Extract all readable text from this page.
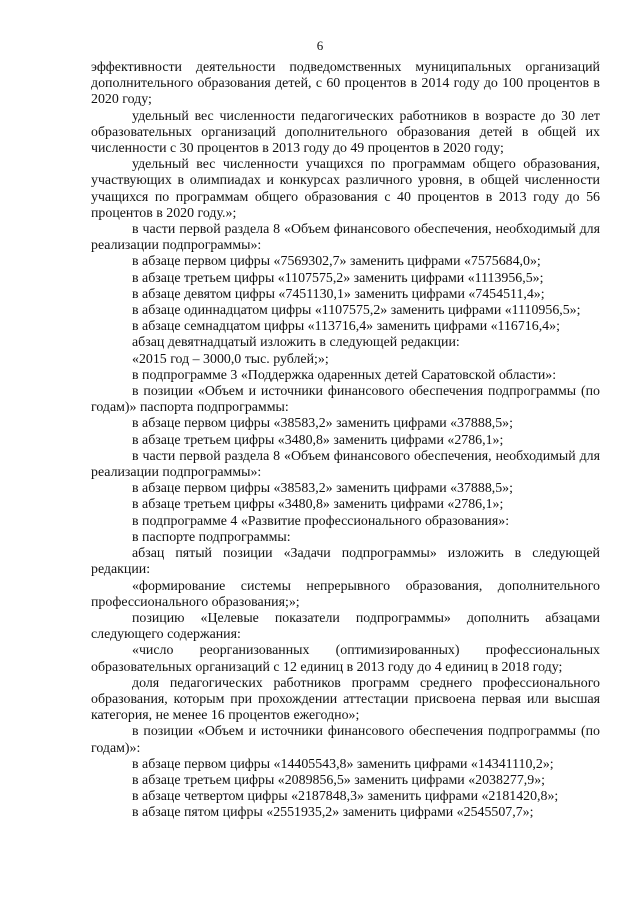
6

эффективности деятельности подведомственных муниципальных организаций дополнительного образования детей, с 60 процентов в 2014 году до 100 процентов в 2020 году;

удельный вес численности педагогических работников в возрасте до 30 лет образовательных организаций дополнительного образования детей в общей их численности с 30 процентов в 2013 году до 49 процентов в 2020 году;

удельный вес численности учащихся по программам общего образования, участвующих в олимпиадах и конкурсах различного уровня, в общей численности учащихся по программам общего образования с 40 процентов в 2013 году до 56 процентов в 2020 году.»;

в части первой раздела 8 «Объем финансового обеспечения, необходимый для реализации подпрограммы»:

в абзаце первом цифры «7569302,7» заменить цифрами «7575684,0»;

в абзаце третьем цифры «1107575,2» заменить цифрами «1113956,5»;

в абзаце девятом цифры «7451130,1» заменить цифрами «7454511,4»;

в абзаце одиннадцатом цифры «1107575,2» заменить цифрами «1110956,5»;

в абзаце семнадцатом цифры «113716,4» заменить цифрами «116716,4»;

абзац девятнадцатый изложить в следующей редакции:

«2015 год – 3000,0 тыс. рублей;»;

в подпрограмме 3 «Поддержка одаренных детей Саратовской области»:

в позиции «Объем и источники финансового обеспечения подпрограммы (по годам)» паспорта подпрограммы:

в абзаце первом цифры «38583,2» заменить цифрами «37888,5»;

в абзаце третьем цифры «3480,8» заменить цифрами «2786,1»;

в части первой раздела 8 «Объем финансового обеспечения, необходимый для реализации подпрограммы»:

в абзаце первом цифры «38583,2» заменить цифрами «37888,5»;

в абзаце третьем цифры «3480,8» заменить цифрами «2786,1»;

в подпрограмме 4 «Развитие профессионального образования»:

в паспорте подпрограммы:

абзац пятый позиции «Задачи подпрограммы» изложить в следующей редакции:

«формирование системы непрерывного образования, дополнительного профессионального образования;»;

позицию «Целевые показатели подпрограммы» дополнить абзацами следующего содержания:

«число реорганизованных (оптимизированных) профессиональных образовательных организаций с 12 единиц в 2013 году до 4 единиц в 2018 году;

доля педагогических работников программ среднего профессионального образования, которым при прохождении аттестации присвоена первая или высшая категория, не менее 16 процентов ежегодно»;

в позиции «Объем и источники финансового обеспечения подпрограммы (по годам)»:

в абзаце первом цифры «14405543,8» заменить цифрами «14341110,2»;

в абзаце третьем цифры «2089856,5» заменить цифрами «2038277,9»;

в абзаце четвертом цифры «2187848,3» заменить цифрами «2181420,8»;

в абзаце пятом цифры «2551935,2» заменить цифрами «2545507,7»;
